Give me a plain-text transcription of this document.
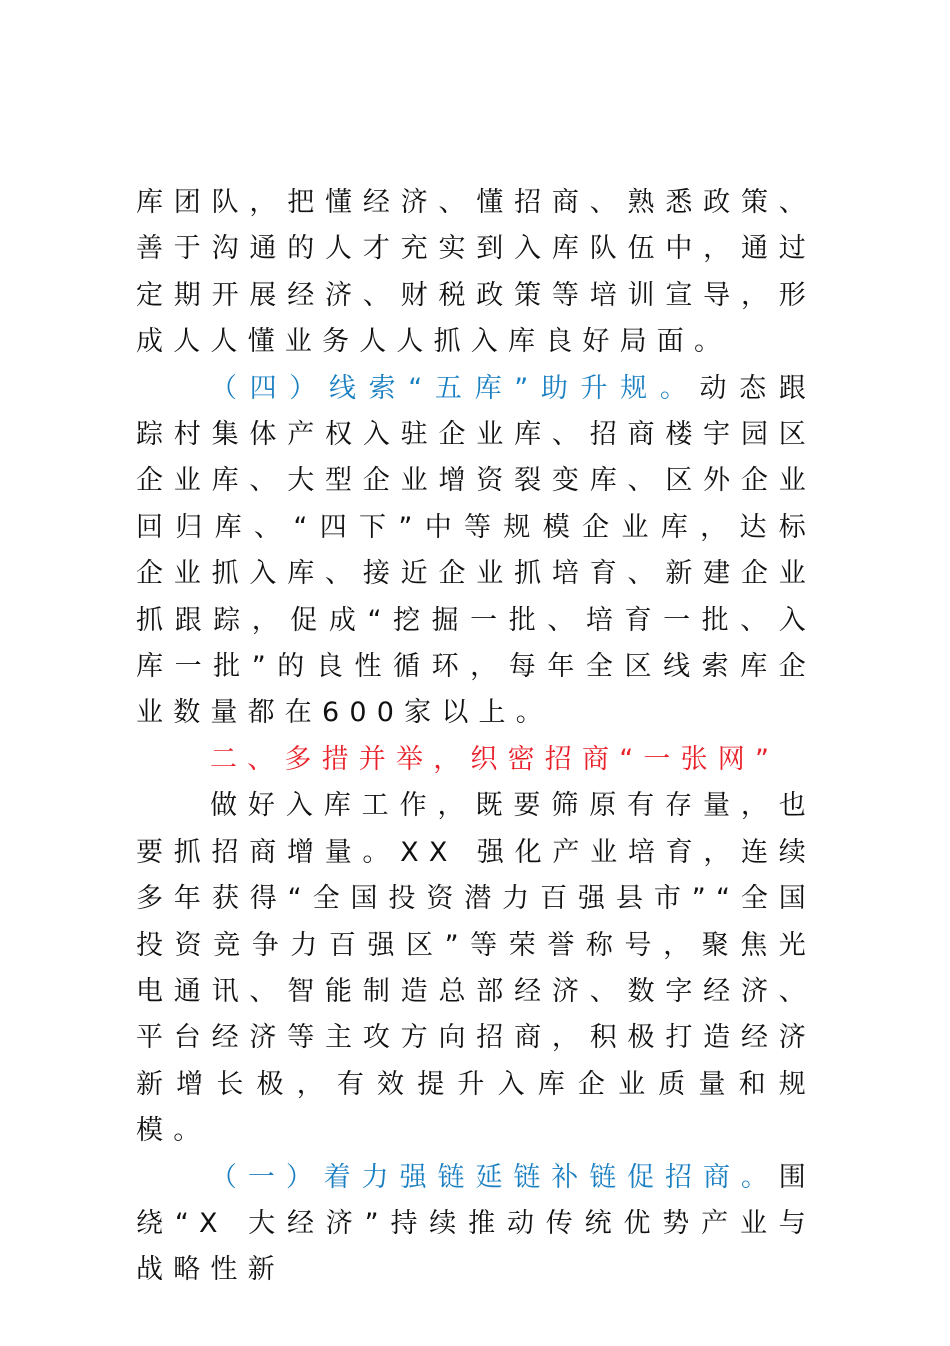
库团队，把懂经济、懂招商、熟悉政策、善于沟通的人才充实到入库队伍中，通过定期开展经济、财税政策等培训宣导，形成人人懂业务人人抓入库良好局面。

（四）线索“五库”助升规。动态跟踪村集体产权入驻企业库、招商楼宇园区企业库、大型企业增资裂变库、区外企业回归库、“四下”中等规模企业库，达标企业抓入库、接近企业抓培育、新建企业抓跟踪，促成“挖掘一批、培育一批、入库一批”的良性循环，每年全区线索库企业数量都在600家以上。

二、多措并举，织密招商“一张网”

做好入库工作，既要筛原有存量，也要抓招商增量。XX 强化产业培育，连续多年获得“全国投资潜力百强县市”“全国投资竞争力百强区”等荣誉称号，聚焦光电通讯、智能制造总部经济、数字经济、平台经济等主攻方向招商，积极打造经济新增长极，有效提升入库企业质量和规模。

（一）着力强链延链补链促招商。围绕“X 大经济”持续推动传统优势产业与战略性新
